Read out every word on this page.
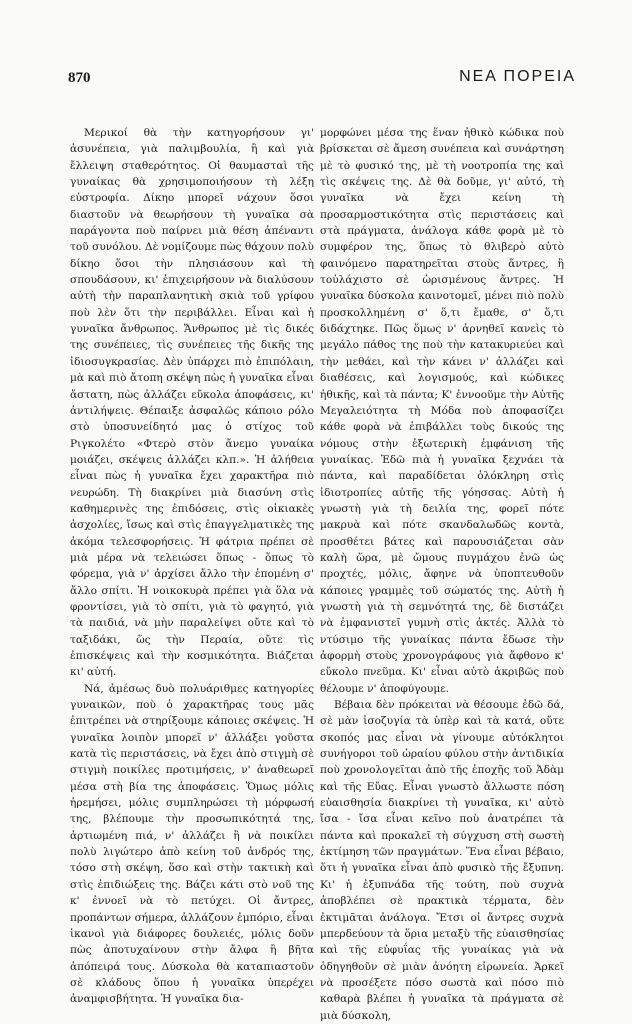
870	ΝΕΑ ΠΟΡΕΙΑ

Μερικοί θὰ τὴν κατηγορήσουν γι' ἀσυνέπεια, γιὰ παλιμβουλία, ἢ καὶ γιὰ ἔλλειψη σταθερότητος. Οἱ θαυμασταὶ τῆς γυναίκας θὰ χρησιμοποιήσουν τὴ λέξη εὐστροφία. Δίκηο μπορεῖ νάχουν ὅσοι διαστοῦν νὰ θεωρήσουν τὴ γυναῖκα σὰ παράγοντα ποὺ παίρνει μιὰ θέση ἀπέναντι τοῦ συνόλου. Δὲ νομίζουμε πὼς θάχουν πολὺ δίκηο ὅσοι τὴν πλησιάσουν καὶ τὴ σπουδάσουν, κι' ἐπιχειρήσουν νὰ διαλύσουν αὐτὴ τὴν παραπλανητικὴ σκιὰ τοῦ γρίφου ποὺ λὲν ὅτι τὴν περιβάλλει. Εἶναι καὶ ἡ γυναῖκα ἄνθρωπος. Ἄνθρωπος μὲ τὶς δικές της συνέπειες, τὶς συνέπειες τῆς δικῆς της ἰδιοσυγκρασίας. Δὲν ὑπάρχει πιὸ ἐπιπόλαιη, μὰ καὶ πιὸ ἄτοπη σκέψη πὼς ἡ γυναῖκα εἶναι ἄστατη, πὼς ἀλλάζει εὔκολα ἀποφάσεις, κι' ἀντιλήψεις. Θέπαιξε ἀσφαλῶς κάποιο ρόλο στὸ ὑποσυνείδητό μας ὁ στίχος τοῦ Ριγκολέτο «Φτερὸ στὸν ἄνεμο γυναίκα μοιάζει, σκέψεις ἀλλάζει κλπ.». Ἡ ἀλήθεια εἶναι πὼς ἡ γυναῖκα ἔχει χαρακτῆρα πιὸ νευρώδη. Τὴ διακρίνει μιὰ διασύνη στὶς καθημερινὲς της ἐπιδόσεις, στὶς οἰκιακὲς ἀσχολίες, ἴσως καὶ στὶς ἐπαγγελματικὲς της ἀκόμα τελεσφορήσεις. Ἡ φάτρια πρέπει σὲ μιὰ μέρα νὰ τελειώσει ὅπως - ὅπως τὸ φόρεμα, γιὰ ν' ἀρχίσει ἄλλο τὴν ἑπομένη σ' ἄλλο σπίτι. Ἡ νοικοκυρὰ πρέπει γιὰ ὅλα νὰ φροντίσει, γιὰ τὸ σπίτι, γιὰ τὸ φαγητό, γιὰ τὰ παιδιά, νὰ μὴν παραλείψει οὔτε καὶ τὸ ταξιδάκι, ὥς τὴν Περαία, οὔτε τὶς ἐπισκέψεις καὶ τὴν κοσμικότητα. Βιάζεται κι' αὐτή.

Νά, ἀμέσως δυὸ πολυάριθμες κατηγορίες γυναικῶν, ποὺ ὁ χαρακτῆρας τους μᾶς ἐπιτρέπει νὰ στηρίξουμε κάποιες σκέψεις. Ἡ γυναῖκα λοιπὸν μπορεῖ ν' ἀλλάξει γοῦστα κατὰ τὶς περιστάσεις, νὰ ἔχει ἀπὸ στιγμὴ σὲ στιγμὴ ποικίλες προτιμήσεις, ν' ἀναθεωρεῖ μέσα στὴ βία της ἀποφάσεις. Ὅμως μόλις ἠρεμήσει, μόλις συμπληρώσει τὴ μόρφωσή της, βλέπουμε τὴν προσωπικότητά της, ἀρτιωμένη πιά, ν' ἀλλάζει ἢ νὰ ποικίλει πολὺ λιγώτερο ἀπὸ κείνη τοῦ ἀνδρός της, τόσο στὴ σκέψη, ὅσο καὶ στὴν τακτικὴ καὶ στὶς ἐπιδιώξεις της. Βάζει κάτι στὸ νοῦ της κ' ἐννοεῖ νὰ τὸ πετύχει. Οἱ ἄντρες, προπάντων σήμερα, ἀλλάζουν ἐμπόριο, εἶναι ἱκανοὶ γιὰ διάφορες δουλειές, μόλις δοῦν πὼς ἀποτυχαίνουν στὴν ἄλφα ἢ βῆτα ἀπόπειρά τους. Δύσκολα θὰ καταπιαστοῦν σὲ κλάδους ὅπου ἡ γυναῖκα ὑπερέχει ἀναμφισβήτητα. Ἡ γυναῖκα δια-

μορφώνει μέσα της ἕναν ἠθικὸ κώδικα ποὺ βρίσκεται σὲ ἄμεση συνέπεια καὶ συνάρτηση μὲ τὸ φυσικό της, μὲ τὴ νοοτροπία της καὶ τὶς σκέψεις της. Δὲ θὰ δοῦμε, γι' αὐτό, τὴ γυναῖκα νὰ ἔχει κείνη τὴ προσαρμοστικότητα στὶς περιστάσεις καὶ στὰ πράγματα, ἀνάλογα κάθε φορὰ μὲ τὸ συμφέρον της, ὅπως τὸ θλιβερὸ αὐτὸ φαινόμενο παρατηρεῖται στοὺς ἄντρες, ἢ τοὐλάχιστο σὲ ὡρισμένους ἄντρες. Ἡ γυναῖκα δύσκολα καινοτομεῖ, μένει πιὸ πολὺ προσκολλημένη σ' ὅ,τι ἔμαθε, σ' ὅ,τι διδάχτηκε. Πῶς ὅμως ν' ἀρνηθεῖ κανεὶς τὸ μεγάλο πάθος της ποὺ τὴν κατακυριεύει καὶ τὴν μεθάει, καὶ τὴν κάνει ν' ἀλλάζει καὶ διαθέσεις, καὶ λογισμούς, καὶ κώδικες ἠθικῆς, καὶ τὰ πάντα; Κ' ἐννοοῦμε τὴν Αὐτῆς Μεγαλειότητα τὴ Μόδα ποὺ ἀποφασίζει κάθε φορὰ νὰ ἐπιβάλλει τοὺς δικούς της νόμους στὴν ἐξωτερικὴ ἐμφάνιση τῆς γυναίκας. Ἐδῶ πιὰ ἡ γυναῖκα ξεχνάει τὰ πάντα, καὶ παραδίδεται ὁλόκληρη στὶς ἰδιοτροπίες αὐτῆς τῆς γόησσας. Αὐτὴ ἡ γνωστὴ γιὰ τὴ δειλία της, φορεῖ πότε μακρυὰ καὶ πότε σκανδαλωδῶς κοντὰ, προσθέτει βάτες καὶ παρουσιάζεται σὰν καλὴ ὥρα, μὲ ὤμους πυγμάχου ἐνῶ ὡς προχτές, μόλις, ἄφηνε νὰ ὑποπτευθοῦν κάποιες γραμμὲς τοῦ σώματός της. Αὐτὴ ἡ γνωστὴ γιὰ τὴ σεμνότητά της, δὲ διστάζει νὰ ἐμφανιστεῖ γυμνὴ στὶς ἀκτές. Ἀλλὰ τὸ ντύσιμο τῆς γυναίκας πάντα ἔδωσε τὴν ἀφορμὴ στοὺς χρονογράφους γιὰ ἄφθονο κ' εὔκολο πνεῦμα. Κι' εἶναι αὐτὸ ἀκριβῶς ποὺ θέλουμε ν' ἀποφύγουμε.

Βέβαια δὲν πρόκειται νὰ θέσουμε ἐδῶ δά, σὲ μὰν ἰσοζυγία τὰ ὑπὲρ καὶ τὰ κατά, οὔτε σκοπός μας εἶναι νὰ γίνουμε αὐτόκλητοι συνήγοροι τοῦ ὡραίου φύλου στὴν ἀντιδικία ποὺ χρονολογεῖται ἀπὸ τῆς ἐποχῆς τοῦ Ἀδὰμ καὶ τῆς Εὔας. Εἶναι γνωστὸ ἄλλωστε πόση εὐαισθησία διακρίνει τὴ γυναῖκα, κι' αὐτὸ ἴσα - ἴσα εἶναι κεῖνο ποὺ ἀνατρέπει τὰ πάντα καὶ προκαλεῖ τὴ σύγχυση στὴ σωστὴ ἐκτίμηση τῶν πραγμάτων. Ἕνα εἶναι βέβαιο, ὅτι ἡ γυναῖκα εἶναι ἀπὸ φυσικὸ τῆς ἔξυπνη. Κι' ἡ ἐξυπνάδα τῆς τούτη, ποὺ συχνὰ ἀποβλέπει σὲ πρακτικὰ τέρματα, δὲν ἐκτιμᾶται ἀνάλογα. Ἔτσι οἱ ἄντρες συχνὰ μπερδεύουν τὰ ὅρια μεταξὺ τῆς εὐαισθησίας καὶ τῆς εὐφυΐας τῆς γυναίκας γιὰ νὰ ὁδηγηθοῦν σὲ μιὰν ἀνόητη εἰρωνεία. Ἀρκεῖ νὰ προσέξετε πόσο σωστὰ καὶ πόσο πιὸ καθαρὰ βλέπει ἡ γυναῖκα τὰ πράγματα σὲ μιὰ δύσκολη,
